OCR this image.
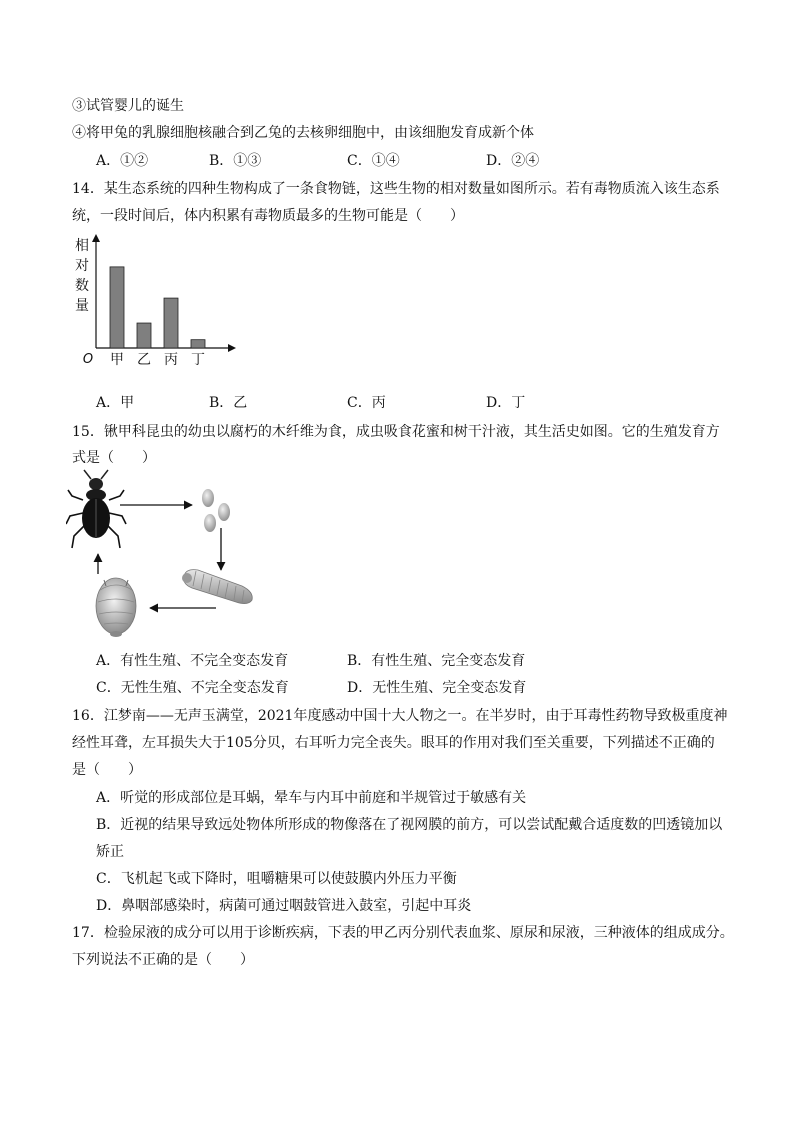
③试管婴儿的诞生
④将甲兔的乳腺细胞核融合到乙兔的去核卵细胞中，由该细胞发育成新个体
A．①②	B．①③	C．①④	D．②④
14．某生态系统的四种生物构成了一条食物链，这些生物的相对数量如图所示。若有毒物质流入该生态系
统，一段时间后，体内积累有毒物质最多的生物可能是（　　）
相
对
数
量
O 甲 乙 丙 丁
A．甲	B．乙	C．丙	D．丁
15．锹甲科昆虫的幼虫以腐朽的木纤维为食，成虫吸食花蜜和树干汁液，其生活史如图。它的生殖发育方
式是（　　）
A．有性生殖、不完全变态发育	B．有性生殖、完全变态发育
C．无性生殖、不完全变态发育	D．无性生殖、完全变态发育
16．江梦南——无声玉满堂，2021年度感动中国十大人物之一。在半岁时，由于耳毒性药物导致极重度神
经性耳聋，左耳损失大于105分贝，右耳听力完全丧失。眼耳的作用对我们至关重要，下列描述不正确的
是（　　）
A．听觉的形成部位是耳蜗，晕车与内耳中前庭和半规管过于敏感有关
B．近视的结果导致远处物体所形成的物像落在了视网膜的前方，可以尝试配戴合适度数的凹透镜加以
矫正
C．飞机起飞或下降时，咀嚼糖果可以使鼓膜内外压力平衡
D．鼻咽部感染时，病菌可通过咽鼓管进入鼓室，引起中耳炎
17．检验尿液的成分可以用于诊断疾病，下表的甲乙丙分别代表血浆、原尿和尿液，三种液体的组成成分。
下列说法不正确的是（　　）
